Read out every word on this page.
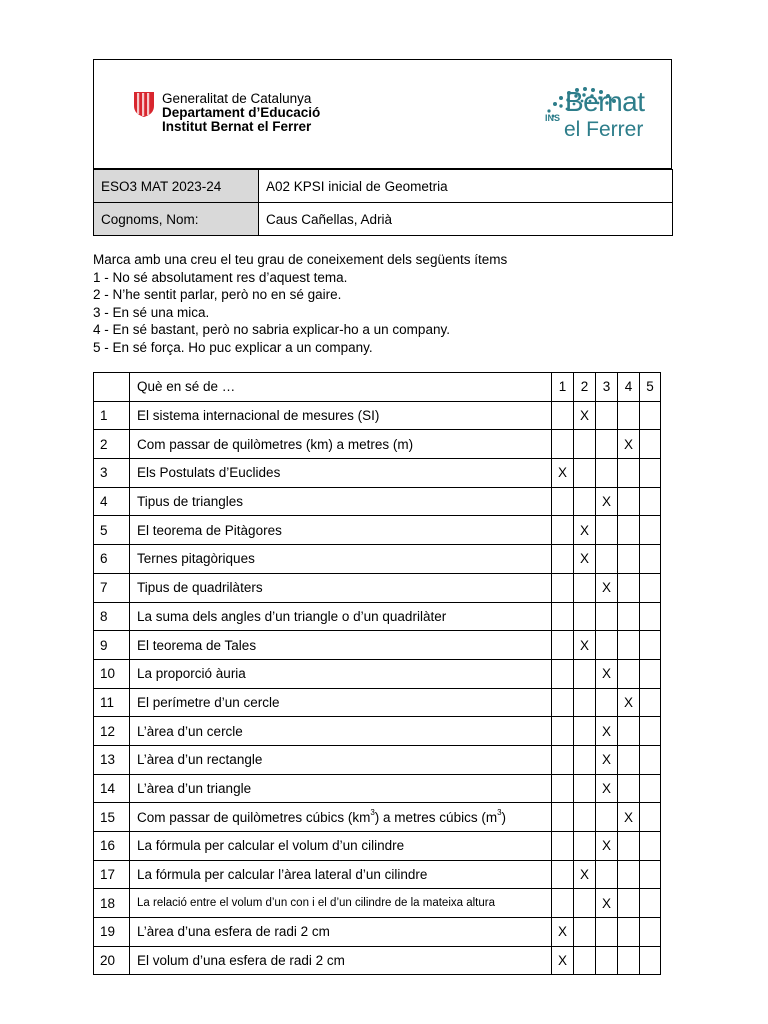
Generalitat de Catalunya
Departament d’Educació
Institut Bernat el Ferrer
INS
Bernat
el Ferrer
ESO3 MAT 2023-24	A02 KPSI inicial de Geometria
Cognoms, Nom:	Caus Cañellas, Adrià
Marca amb una creu el teu grau de coneixement dels següents ítems
1 - No sé absolutament res d’aquest tema.
2 - N’he sentit parlar, però no en sé gaire.
3 - En sé una mica.
4 - En sé bastant, però no sabria explicar-ho a un company.
5 - En sé força. Ho puc explicar a un company.
	Què en sé de …	1	2	3	4	5
1	El sistema internacional de mesures (SI)		X			
2	Com passar de quilòmetres (km) a metres (m)				X	
3	Els Postulats d’Euclides	X				
4	Tipus de triangles			X		
5	El teorema de Pitàgores		X			
6	Ternes pitagòriques		X			
7	Tipus de quadrilàters			X		
8	La suma dels angles d’un triangle o d’un quadrilàter					
9	El teorema de Tales		X			
10	La proporció àuria			X		
11	El perímetre d’un cercle				X	
12	L’àrea d’un cercle			X		
13	L’àrea d’un rectangle			X		
14	L’àrea d’un triangle			X		
15	Com passar de quilòmetres cúbics $(km^3)$ a metres cúbics $(m^3)$				X	
16	La fórmula per calcular el volum d’un cilindre			X		
17	La fórmula per calcular l’àrea lateral d’un cilindre		X			
18	La relació entre el volum d’un con i el d’un cilindre de la mateixa altura			X		
19	L’àrea d’una esfera de radi 2 cm	X				
20	El volum d’una esfera de radi 2 cm	X				
